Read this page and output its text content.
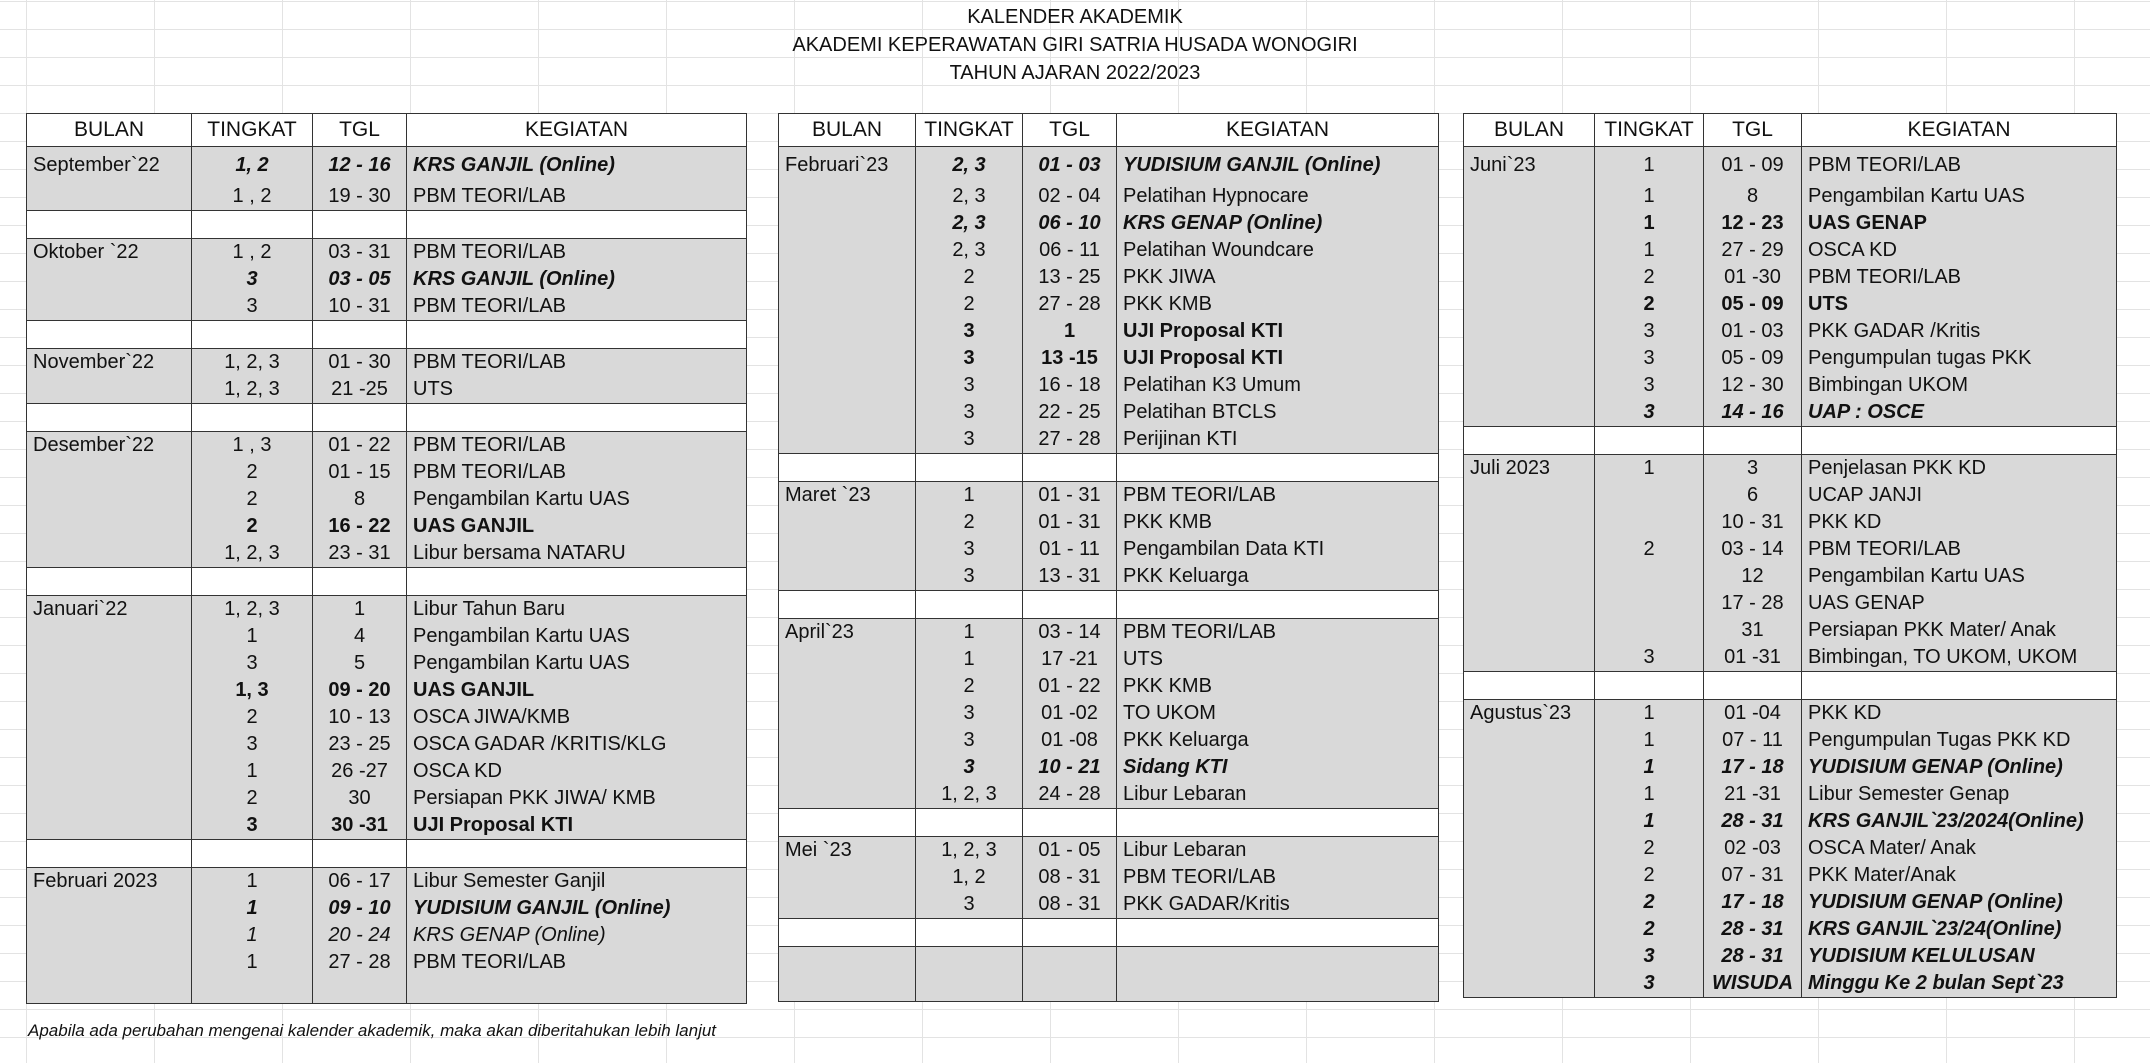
KALENDER AKADEMIK
AKADEMI KEPERAWATAN GIRI SATRIA HUSADA WONOGIRI
TAHUN AJARAN 2022/2023
BULAN	TINGKAT	TGL	KEGIATAN
September`22	1, 2	12 - 16	KRS GANJIL (Online)
	1 , 2	19 - 30	PBM TEORI/LAB

Oktober `22	1 , 2	03 - 31	PBM TEORI/LAB
	3	03 - 05	KRS GANJIL (Online)
	3	10 - 31	PBM TEORI/LAB

November`22	1, 2, 3	01 - 30	PBM TEORI/LAB
	1, 2, 3	21 -25	UTS

Desember`22	1 , 3	01 - 22	PBM TEORI/LAB
	2	01 - 15	PBM TEORI/LAB
	2	8	Pengambilan Kartu UAS
	2	16 - 22	UAS GANJIL
	1, 2, 3	23 - 31	Libur bersama NATARU

Januari`22	1, 2, 3	1	Libur Tahun Baru
	1	4	Pengambilan Kartu UAS
	3	5	Pengambilan Kartu UAS
	1, 3	09 - 20	UAS GANJIL
	2	10 - 13	OSCA JIWA/KMB
	3	23 - 25	OSCA GADAR /KRITIS/KLG
	1	26 -27	OSCA KD
	2	30	Persiapan PKK JIWA/ KMB
	3	30 -31	UJI Proposal KTI

Februari 2023	1	06 - 17	Libur Semester Ganjil
	1	09 - 10	YUDISIUM GANJIL (Online)
	1	20 - 24	KRS GENAP (Online)
	1	27 - 28	PBM TEORI/LAB

BULAN	TINGKAT	TGL	KEGIATAN
Februari`23	2, 3	01 - 03	YUDISIUM GANJIL (Online)
	2, 3	02 - 04	Pelatihan Hypnocare
	2, 3	06 - 10	KRS GENAP (Online)
	2, 3	06 - 11	Pelatihan Woundcare
	2	13 - 25	PKK JIWA
	2	27 - 28	PKK KMB
	3	1	UJI Proposal KTI
	3	13 -15	UJI Proposal KTI
	3	16 - 18	Pelatihan K3 Umum
	3	22 - 25	Pelatihan BTCLS
	3	27 - 28	Perijinan KTI

Maret `23	1	01 - 31	PBM TEORI/LAB
	2	01 - 31	PKK KMB
	3	01 - 11	Pengambilan Data KTI
	3	13 - 31	PKK Keluarga

April`23	1	03 - 14	PBM TEORI/LAB
	1	17 -21	UTS
	2	01 - 22	PKK KMB
	3	01 -02	TO UKOM
	3	01 -08	PKK Keluarga
	3	10 - 21	Sidang KTI
	1, 2, 3	24 - 28	Libur Lebaran

Mei `23	1, 2, 3	01 - 05	Libur Lebaran
	1, 2	08 - 31	PBM TEORI/LAB
	3	08 - 31	PKK GADAR/Kritis

BULAN	TINGKAT	TGL	KEGIATAN
Juni`23	1	01 - 09	PBM TEORI/LAB
	1	8	Pengambilan Kartu UAS
	1	12 - 23	UAS GENAP
	1	27 - 29	OSCA KD
	2	01 -30	PBM TEORI/LAB
	2	05 - 09	UTS
	3	01 - 03	PKK GADAR /Kritis
	3	05 - 09	Pengumpulan tugas PKK
	3	12 - 30	Bimbingan UKOM
	3	14 - 16	UAP : OSCE

Juli 2023	1	3	Penjelasan PKK KD
		6	UCAP JANJI
		10 - 31	PKK KD
	2	03 - 14	PBM TEORI/LAB
		12	Pengambilan Kartu UAS
		17 - 28	UAS GENAP
		31	Persiapan PKK Mater/ Anak
	3	01 -31	Bimbingan, TO UKOM, UKOM

Agustus`23	1	01 -04	PKK KD
	1	07 - 11	Pengumpulan Tugas PKK KD
	1	17 - 18	YUDISIUM GENAP (Online)
	1	21 -31	Libur Semester Genap
	1	28 - 31	KRS GANJIL`23/2024(Online)
	2	02 -03	OSCA Mater/ Anak
	2	07 - 31	PKK Mater/Anak
	2	17 - 18	YUDISIUM GENAP (Online)
	2	28 - 31	KRS GANJIL`23/24(Online)
	3	28 - 31	YUDISIUM KELULUSAN
	3	WISUDA	Minggu Ke 2 bulan Sept`23
Apabila ada perubahan mengenai kalender akademik, maka akan diberitahukan lebih lanjut
